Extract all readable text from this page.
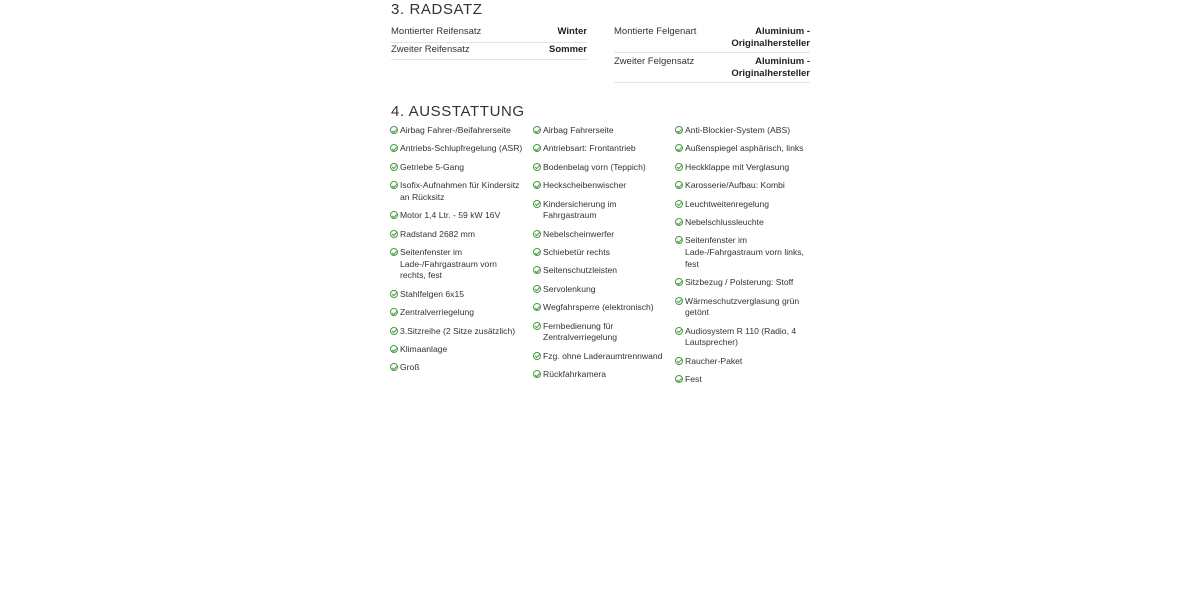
3. RADSATZ
Montierter Reifensatz	Winter
Zweiter Reifensatz	Sommer
Montierte Felgenart	Aluminium - Originalhersteller
Zweiter Felgensatz	Aluminium - Originalhersteller
4. AUSSTATTUNG
Airbag Fahrer-/Beifahrerseite
Antriebs-Schlupfregelung (ASR)
Getriebe 5-Gang
Isofix-Aufnahmen für Kindersitz an Rücksitz
Motor 1,4 Ltr. - 59 kW 16V
Radstand 2682 mm
Seitenfenster im Lade-/Fahrgastraum vorn rechts, fest
Stahlfelgen 6x15
Zentralverriegelung
3.Sitzreihe (2 Sitze zusätzlich)
Klimaanlage
Groß
Airbag Fahrerseite
Antriebsart: Frontantrieb
Bodenbelag vorn (Teppich)
Heckscheibenwischer
Kindersicherung im Fahrgastraum
Nebelscheinwerfer
Schiebetür rechts
Seitenschutzleisten
Servolenkung
Wegfahrsperre (elektronisch)
Fernbedienung für Zentralverriegelung
Fzg. ohne Laderaumtrennwand
Rückfahrkamera
Anti-Blockier-System (ABS)
Außenspiegel asphärisch, links
Heckklappe mit Verglasung
Karosserie/Aufbau: Kombi
Leuchtweitenregelung
Nebelschlussleuchte
Seitenfenster im Lade-/Fahrgastraum vorn links, fest
Sitzbezug / Polsterung: Stoff
Wärmeschutzverglasung grün getönt
Audiosystem R 110 (Radio, 4 Lautsprecher)
Raucher-Paket
Fest
